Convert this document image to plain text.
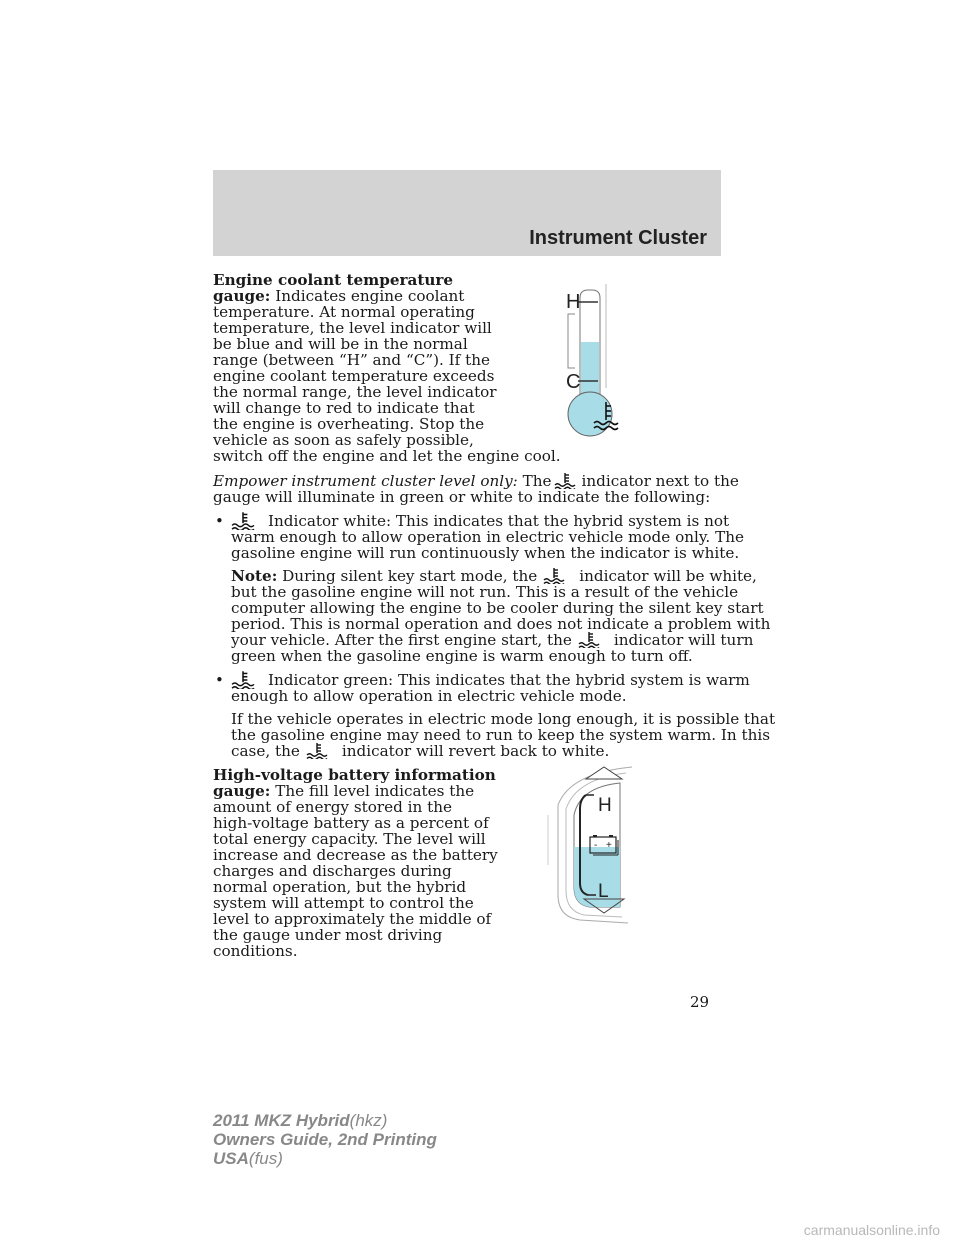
Instrument Cluster
Engine coolant temperature
gauge: Indicates engine coolant
temperature. At normal operating
temperature, the level indicator will
be blue and will be in the normal
range (between “H” and “C”). If the
engine coolant temperature exceeds
the normal range, the level indicator
will change to red to indicate that
the engine is overheating. Stop the
vehicle as soon as safely possible,
switch off the engine and let the engine cool.
H
C
Empower instrument cluster level only: The indicator next to the
gauge will illuminate in green or white to indicate the following:
•	Indicator white: This indicates that the hybrid system is not
warm enough to allow operation in electric vehicle mode only. The
gasoline engine will run continuously when the indicator is white.
Note: During silent key start mode, the	indicator will be white,
but the gasoline engine will not run. This is a result of the vehicle
computer allowing the engine to be cooler during the silent key start
period. This is normal operation and does not indicate a problem with
your vehicle. After the first engine start, the	indicator will turn
green when the gasoline engine is warm enough to turn off.
•	Indicator green: This indicates that the hybrid system is warm
enough to allow operation in electric vehicle mode.
If the vehicle operates in electric mode long enough, it is possible that
the gasoline engine may need to run to keep the system warm. In this
case, the	indicator will revert back to white.
High-voltage battery information
gauge: The fill level indicates the
amount of energy stored in the
high-voltage battery as a percent of
total energy capacity. The level will
increase and decrease as the battery
charges and discharges during
normal operation, but the hybrid
system will attempt to control the
level to approximately the middle of
the gauge under most driving
conditions.
H
L
- +
29
2011 MKZ Hybrid(hkz)
Owners Guide, 2nd Printing
USA(fus)
carmanualsonline.info
